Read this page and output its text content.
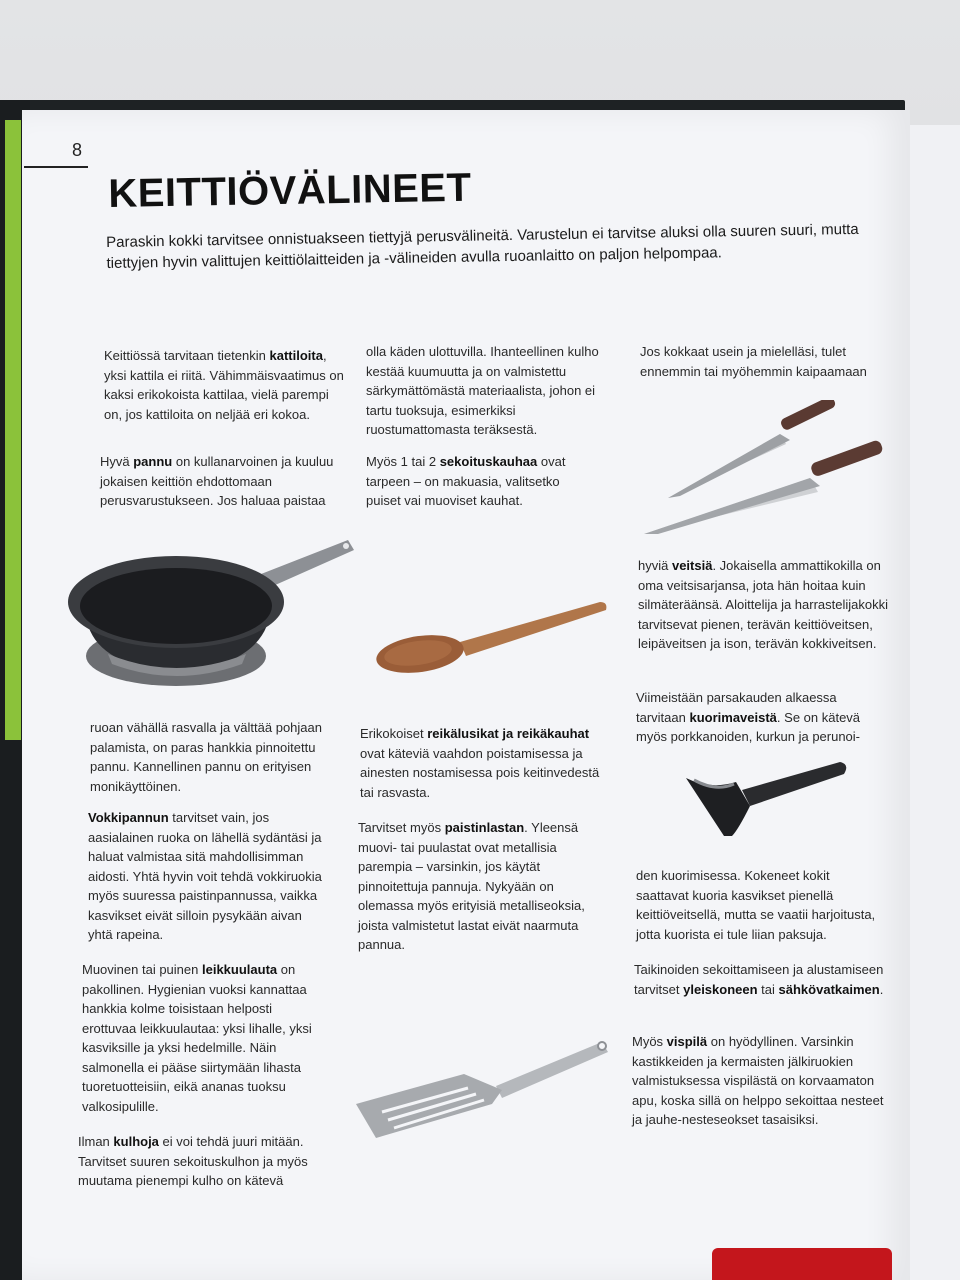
8
KEITTIÖVÄLINEET
Paraskin kokki tarvitsee onnistuakseen tiettyjä perusvälineitä. Varustelun ei tarvitse aluksi olla suuren suuri, mutta tiettyjen hyvin valittujen keittiölaitteiden ja -välineiden avulla ruoanlaitto on paljon helpompaa.
Keittiössä tarvitaan tietenkin kattiloita, yksi kattila ei riitä. Vähimmäisvaatimus on kaksi erikokoista kattilaa, vielä parempi on, jos kattiloita on neljää eri kokoa.
Hyvä pannu on kullanarvoinen ja kuuluu jokaisen keittiön ehdottomaan perusvarustukseen. Jos haluaa paistaa
ruoan vähällä rasvalla ja välttää pohjaan palamista, on paras hankkia pinnoitettu pannu. Kannellinen pannu on erityisen monikäyttöinen.
Vokkipannun tarvitset vain, jos aasialainen ruoka on lähellä sydäntäsi ja haluat valmistaa sitä mahdollisimman aidosti. Yhtä hyvin voit tehdä vokkiruokia myös suuressa paistinpannussa, vaikka kasvikset eivät silloin pysykään aivan yhtä rapeina.
Muovinen tai puinen leikkuulauta on pakollinen. Hygienian vuoksi kannattaa hankkia kolme toisistaan helposti erottuvaa leikkuulautaa: yksi lihalle, yksi kasviksille ja yksi hedelmille. Näin salmonella ei pääse siirtymään lihasta tuoretuotteisiin, eikä ananas tuoksu valkosipulille.
Ilman kulhoja ei voi tehdä juuri mitään. Tarvitset suuren sekoituskulhon ja myös muutama pienempi kulho on kätevä
olla käden ulottuvilla. Ihanteellinen kulho kestää kuumuutta ja on valmistettu särkymättömästä materiaalista, johon ei tartu tuoksuja, esimerkiksi ruostumattomasta teräksestä.
Myös 1 tai 2 sekoituskauhaa ovat tarpeen – on makuasia, valitsetko puiset vai muoviset kauhat.
Erikokoiset reikälusikat ja reikäkauhat ovat käteviä vaahdon poistamisessa ja ainesten nostamisessa pois keitinvedestä tai rasvasta.
Tarvitset myös paistinlastan. Yleensä muovi- tai puulastat ovat metallisia parempia – varsinkin, jos käytät pinnoitettuja pannuja. Nykyään on olemassa myös erityisiä metalliseoksia, joista valmistetut lastat eivät naarmuta pannua.
Jos kokkaat usein ja mielelläsi, tulet ennemmin tai myöhemmin kaipaamaan
hyviä veitsiä. Jokaisella ammattikokilla on oma veitsisarjansa, jota hän hoitaa kuin silmäteräänsä. Aloittelija ja harrastelijakokki tarvitsevat pienen, terävän keittiöveitsen, leipäveitsen ja ison, terävän kokkiveitsen.
Viimeistään parsakauden alkaessa tarvitaan kuorimaveistä. Se on kätevä myös porkkanoiden, kurkun ja perunoi-
den kuorimisessa. Kokeneet kokit saattavat kuoria kasvikset pienellä keittiöveitsellä, mutta se vaatii harjoitusta, jotta kuorista ei tule liian paksuja.
Taikinoiden sekoittamiseen ja alustamiseen tarvitset yleiskoneen tai sähkövatkaimen.
Myös vispilä on hyödyllinen. Varsinkin kastikkeiden ja kermaisten jälkiruokien valmistuksessa vispilästä on korvaamaton apu, koska sillä on helppo sekoittaa nesteet ja jauhe-nesteseokset tasaisiksi.
